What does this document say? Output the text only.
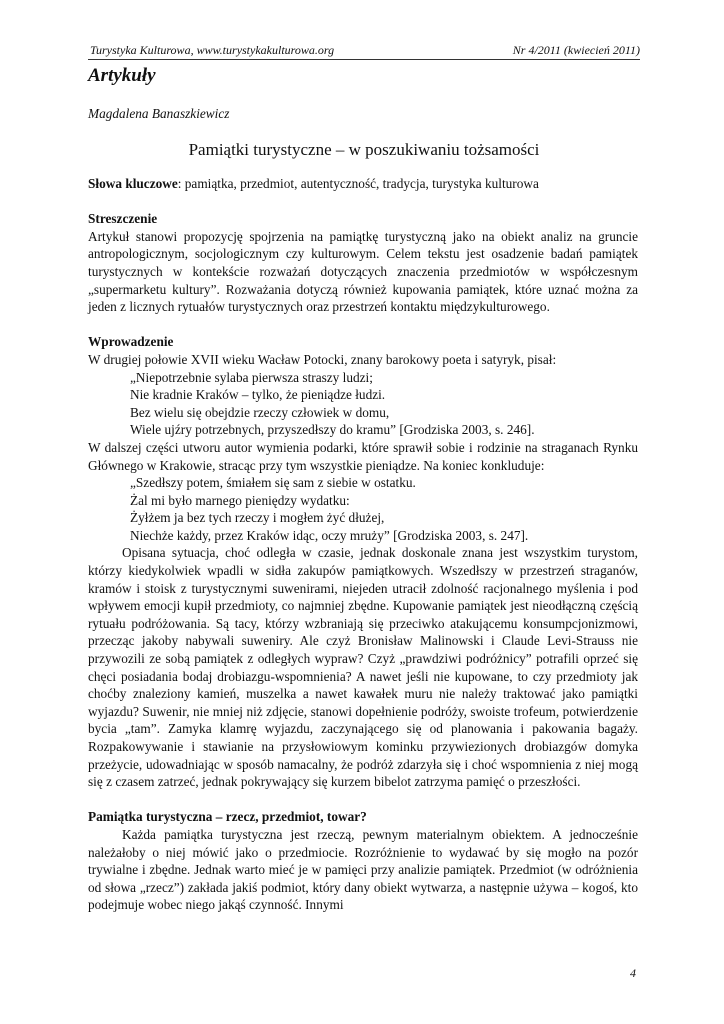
Turystyka Kulturowa, www.turystykakulturowa.org	Nr 4/2011 (kwiecień 2011)
Artykuły
Magdalena Banaszkiewicz
Pamiątki turystyczne – w poszukiwaniu tożsamości

Słowa kluczowe: pamiątka, przedmiot, autentyczność, tradycja, turystyka kulturowa

Streszczenie

Artykuł stanowi propozycję spojrzenia na pamiątkę turystyczną jako na obiekt analiz na gruncie antropologicznym, socjologicznym czy kulturowym. Celem tekstu jest osadzenie badań pamiątek turystycznych w kontekście rozważań dotyczących znaczenia przedmiotów w współczesnym „supermarketu kultury”. Rozważania dotyczą również kupowania pamiątek, które uznać można za jeden z licznych rytuałów turystycznych oraz przestrzeń kontaktu międzykulturowego.

Wprowadzenie

W drugiej połowie XVII wieku Wacław Potocki, znany barokowy poeta i satyryk, pisał:

„Niepotrzebnie sylaba pierwsza straszy ludzi;
Nie kradnie Kraków – tylko, że pieniądze łudzi.
Bez wielu się obejdzie rzeczy człowiek w domu,
Wiele ujźry potrzebnych, przyszedłszy do kramu” [Grodziska 2003, s. 246].

W dalszej części utworu autor wymienia podarki, które sprawił sobie i rodzinie na straganach Rynku Głównego w Krakowie, stracąc przy tym wszystkie pieniądze. Na koniec konkluduje:

„Szedłszy potem, śmiałem się sam z siebie w ostatku.
Żal mi było marnego pieniędzy wydatku:
Żyłżem ja bez tych rzeczy i mogłem żyć dłużej,
Niechże każdy, przez Kraków idąc, oczy mruży” [Grodziska 2003, s. 247].

Opisana sytuacja, choć odległa w czasie, jednak doskonale znana jest wszystkim turystom, którzy kiedykolwiek wpadli w sidła zakupów pamiątkowych. Wszedłszy w przestrzeń straganów, kramów i stoisk z turystycznymi suwenirami, niejeden utracił zdolność racjonalnego myślenia i pod wpływem emocji kupił przedmioty, co najmniej zbędne. Kupowanie pamiątek jest nieodłączną częścią rytuału podróżowania. Są tacy, którzy wzbraniają się przeciwko atakującemu konsumpcjonizmowi, przecząc jakoby nabywali suweniry. Ale czyż Bronisław Malinowski i Claude Levi-Strauss nie przywozili ze sobą pamiątek z odległych wypraw? Czyż „prawdziwi podróżnicy” potrafili oprzeć się chęci posiadania bodaj drobiazgu-wspomnienia? A nawet jeśli nie kupowane, to czy przedmioty jak choćby znaleziony kamień, muszelka a nawet kawałek muru nie należy traktować jako pamiątki wyjazdu? Suwenir, nie mniej niż zdjęcie, stanowi dopełnienie podróży, swoiste trofeum, potwierdzenie bycia „tam”. Zamyka klamrę wyjazdu, zaczynającego się od planowania i pakowania bagaży. Rozpakowywanie i stawianie na przysłowiowym kominku przywiezionych drobiazgów domyka przeżycie, udowadniając w sposób namacalny, że podróż zdarzyła się i choć wspomnienia z niej mogą się z czasem zatrzeć, jednak pokrywający się kurzem bibelot zatrzyma pamięć o przeszłości.

Pamiątka turystyczna – rzecz, przedmiot, towar?

Każda pamiątka turystyczna jest rzeczą, pewnym materialnym obiektem. A jednocześnie należałoby o niej mówić jako o przedmiocie. Rozróżnienie to wydawać by się mogło na pozór trywialne i zbędne. Jednak warto mieć je w pamięci przy analizie pamiątek. Przedmiot (w odróżnienia od słowa „rzecz”) zakłada jakiś podmiot, który dany obiekt wytwarza, a następnie używa – kogoś, kto podejmuje wobec niego jakąś czynność. Innymi

4
